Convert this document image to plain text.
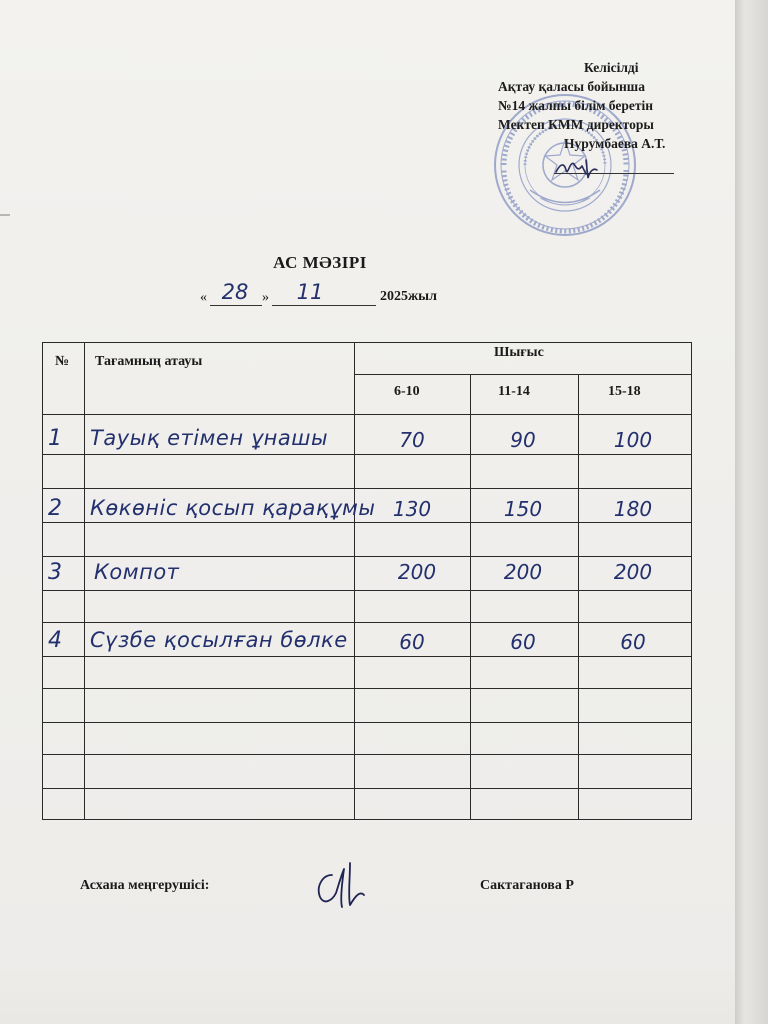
Келісілді
Ақтау қаласы бойынша
№14 жалпы білім беретін
Мектеп КММ директоры
Нурумбаева А.Т.
АС МӘЗІРІ
« 28 »	11	2025жыл
№ Тағамның атауы
Шығыс
6-10	11-14	15-18
1 Тауық етімен ұнашы	70	90	100
2 Көкөніс қосып қарақұмы 130	150	180
3 Компот	200	200	200
4 Сүзбе қосылған бөлке	60	60	60
Асхана меңгерушісі:	Сактаганова Р
